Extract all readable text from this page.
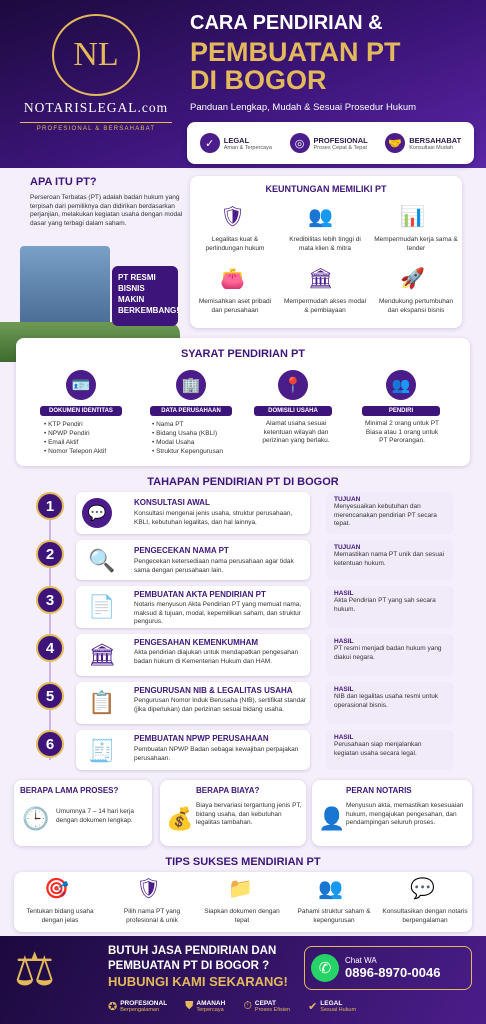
NL
NOTARISLEGAL.com
PROFESIONAL & BERSAHABAT
CARA PENDIRIAN &
PEMBUATAN PT
DI BOGOR
Panduan Lengkap, Mudah & Sesuai Prosedur Hukum
✓	LEGAL
Aman & Terpercaya	◎	PROFESIONAL
Proses Cepat & Tepat 🤝 BERSAHABAT
Konsultasi Mudah
APA ITU PT?
Perseroan Terbatas (PT) adalah badan hukum yang terpisah dari pemiliknya dan didirikan berdasarkan perjanjian, melakukan kegiatan usaha dengan modal dasar yang terbagi dalam saham.
PT RESMI BISNIS MAKIN BERKEMBANG!
KEUNTUNGAN MEMILIKI PT
🛡	👥	📊
Legalitas kuat & perlindungan hukum
Kredibilitas lebih tinggi di mata klien & mitra
Mempermudah kerja sama & tender
👛	🏛	🚀
Memisahkan aset pribadi dan perusahaan
Mempermudah akses modal & pembiayaan
Mendukung pertumbuhan dan ekspansi bisnis
SYARAT PENDIRIAN PT
🪪	🏢	📍	👥
DOKUMEN IDENTITAS	DATA PERUSAHAAN	DOMISILI USAHA	PENDIRI
• KTP Pendiri
• NPWP Pendiri
• Email Aktif
• Nomor Telepon Aktif
• Nama PT
• Bidang Usaha (KBLI)
• Modal Usaha
• Struktur Kepengurusan
Alamat usaha sesuai ketentuan wilayah dan perizinan yang berlaku.
Minimal 2 orang untuk PT Biasa atau 1 orang untuk PT Perorangan.
TAHAPAN PENDIRIAN PT DI BOGOR
1	💬
KONSULTASI AWAL
Konsultasi mengenai jenis usaha, struktur perusahaan, KBLI, kebutuhan legalitas, dan hal lainnya.
TUJUAN
Menyesuaikan kebutuhan dan merencanakan pendirian PT secara tepat.
2	🔍 PENGECEKAN NAMA PT
Pengecekan ketersediaan nama perusahaan agar tidak sama dengan perusahaan lain.
TUJUAN
Memastikan nama PT unik dan sesuai ketentuan hukum.
3	📄 PEMBUATAN AKTA PENDIRIAN PT
Notaris menyusun Akta Pendirian PT yang memuat nama, maksud & tujuan, modal, kepemilikan saham, dan struktur pengurus.
HASIL
Akta Pendirian PT yang sah secara hukum.
4	🏛 PENGESAHAN KEMENKUMHAM
Akta pendirian diajukan untuk mendapatkan pengesahan badan hukum di Kementerian Hukum dan HAM.
HASIL
PT resmi menjadi badan hukum yang diakui negara.
5	📋 PENGURUSAN NIB & LEGALITAS USAHA
Pengurusan Nomor Induk Berusaha (NIB), sertifikat standar (jika diperlukan) dan perizinan sesuai bidang usaha.
HASIL
NIB dan legalitas usaha resmi untuk operasional bisnis.
6	🧾 PEMBUATAN NPWP PERUSAHAAN
Pembuatan NPWP Badan sebagai kewajiban perpajakan perusahaan.
HASIL
Perusahaan siap menjalankan kegiatan usaha secara legal.
BERAPA LAMA PROSES?
🕒 Umumnya 7 – 14 hari kerja dengan dokumen lengkap.
BERAPA BIAYA?
💰
Biaya bervariasi tergantung jenis PT, bidang usaha, dan kebutuhan legalitas tambahan.
PERAN NOTARIS
👤
Menyusun akta, memastikan kesesuaian hukum, mengajukan pengesahan, dan pendampingan seluruh proses.
TIPS SUKSES MENDIRIAN PT
🎯	🛡	📁	👥	💬
Tentukan bidang usaha dengan jelas
Pilih nama PT yang profesional & unik
Siapkan dokumen dengan tepat
Pahami struktur saham & kepengurusan
Konsultasikan dengan notaris berpengalaman
⚖	BUTUH JASA PENDIRIAN DAN
PEMBUATAN PT DI BOGOR ?
HUBUNGI KAMI SEKARANG!
✆	Chat WA
0896-8970-0046
✪ PROFESIONAL
Berpengalaman	⛊ AMANAH
Terpercaya ⏱ CEPAT
Proses Efisien ✔ LEGAL
Sesuai Hukum
